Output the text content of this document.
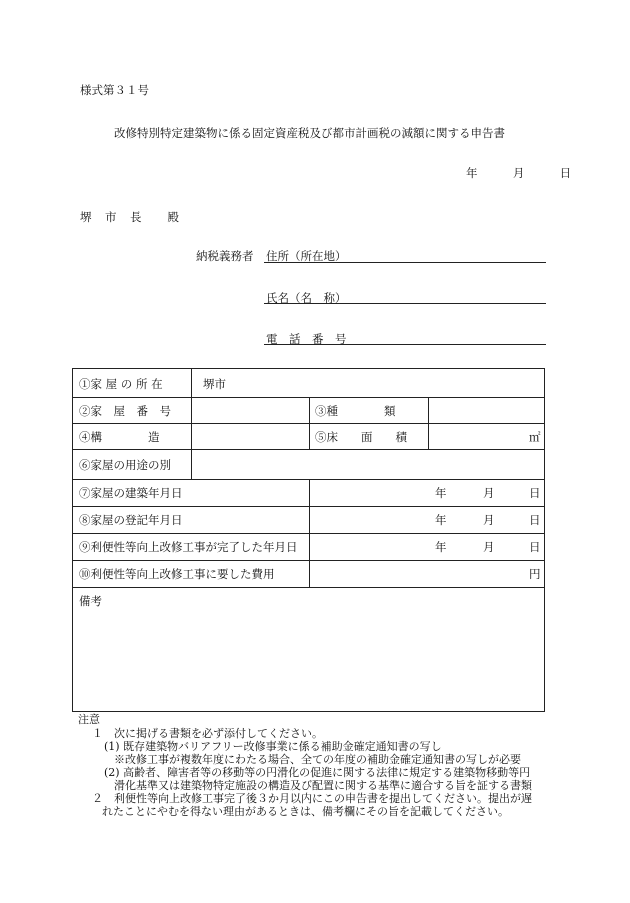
様式第３１号
改修特別特定建築物に係る固定資産税及び都市計画税の減額に関する申告書
年	月	日
堺　市　長　　殿
納税義務者 住所（所在地）
氏名（名　称）
電　話　番　号
①家 屋 の 所 在	堺市
②家　屋　番　号	③種　　　　類
④構　　　　造	⑤床　　面　　積	㎡
⑥家屋の用途の別
⑦家屋の建築年月日	年	月	日
⑧家屋の登記年月日	年	月	日
⑨利便性等向上改修工事が完了した年月日	年	月	日
⑩利便性等向上改修工事に要した費用	円
備考
注意
１　次に掲げる書類を必ず添付してください。
(1) 既存建築物バリアフリー改修事業に係る補助金確定通知書の写し
※改修工事が複数年度にわたる場合、全ての年度の補助金確定通知書の写しが必要
(2) 高齢者、障害者等の移動等の円滑化の促進に関する法律に規定する建築物移動等円
滑化基準又は建築物特定施設の構造及び配置に関する基準に適合する旨を証する書類
２　利便性等向上改修工事完了後３か月以内にこの申告書を提出してください。提出が遅
れたことにやむを得ない理由があるときは、備考欄にその旨を記載してください。
